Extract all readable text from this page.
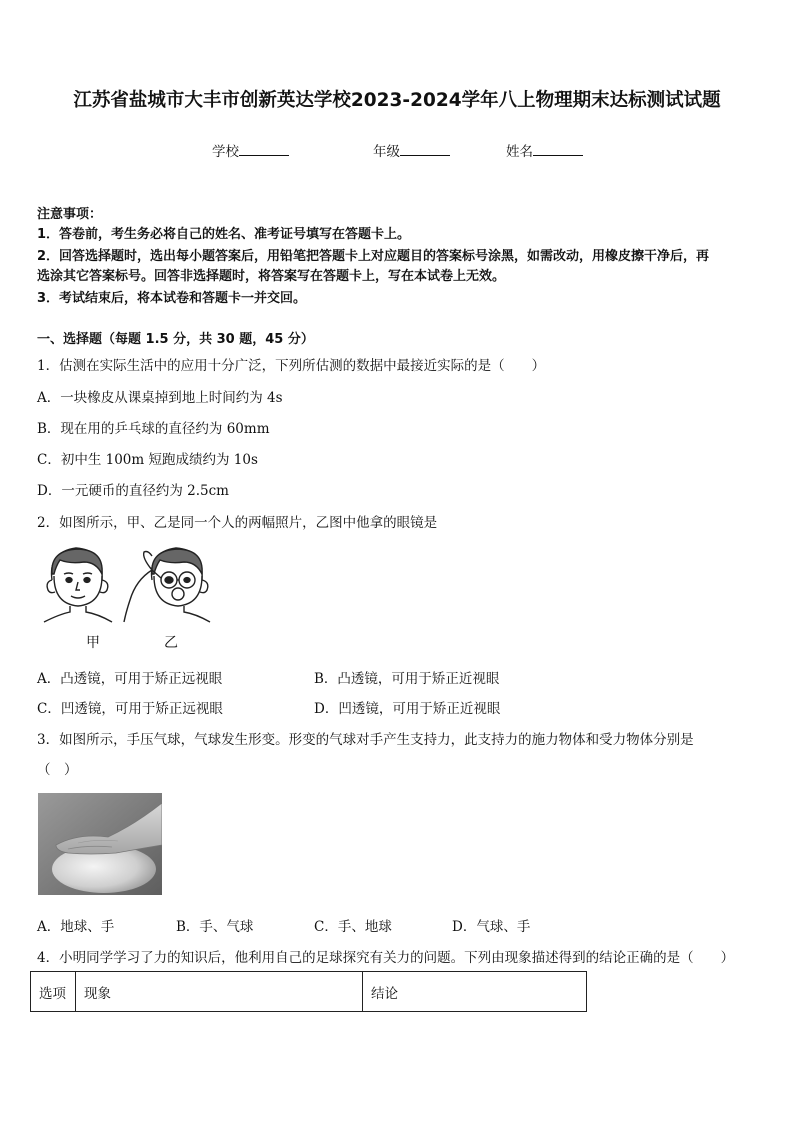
江苏省盐城市大丰市创新英达学校2023-2024学年八上物理期末达标测试试题
学校	年级	姓名
注意事项：
1．答卷前，考生务必将自己的姓名、准考证号填写在答题卡上。
2．回答选择题时，选出每小题答案后，用铅笔把答题卡上对应题目的答案标号涂黑，如需改动，用橡皮擦干净后，再
选涂其它答案标号。回答非选择题时，将答案写在答题卡上，写在本试卷上无效。
3．考试结束后，将本试卷和答题卡一并交回。
一、选择题（每题 1.5 分，共 30 题，45 分）
1．估测在实际生活中的应用十分广泛，下列所估测的数据中最接近实际的是（　　）
A．一块橡皮从课桌掉到地上时间约为 4s
B．现在用的乒乓球的直径约为 60mm
C．初中生 100m 短跑成绩约为 10s
D．一元硬币的直径约为 2.5cm
2．如图所示，甲、乙是同一个人的两幅照片，乙图中他拿的眼镜是
甲	乙
A．凸透镜，可用于矫正远视眼	B．凸透镜，可用于矫正近视眼
C．凹透镜，可用于矫正远视眼	D．凹透镜，可用于矫正近视眼
3．如图所示，手压气球，气球发生形变。形变的气球对手产生支持力，此支持力的施力物体和受力物体分别是
（　）
A．地球、手	B．手、气球	C．手、地球	D．气球、手
4．小明同学学习了力的知识后，他利用自己的足球探究有关力的问题。下列由现象描述得到的结论正确的是（　　）
选项	现象	结论
